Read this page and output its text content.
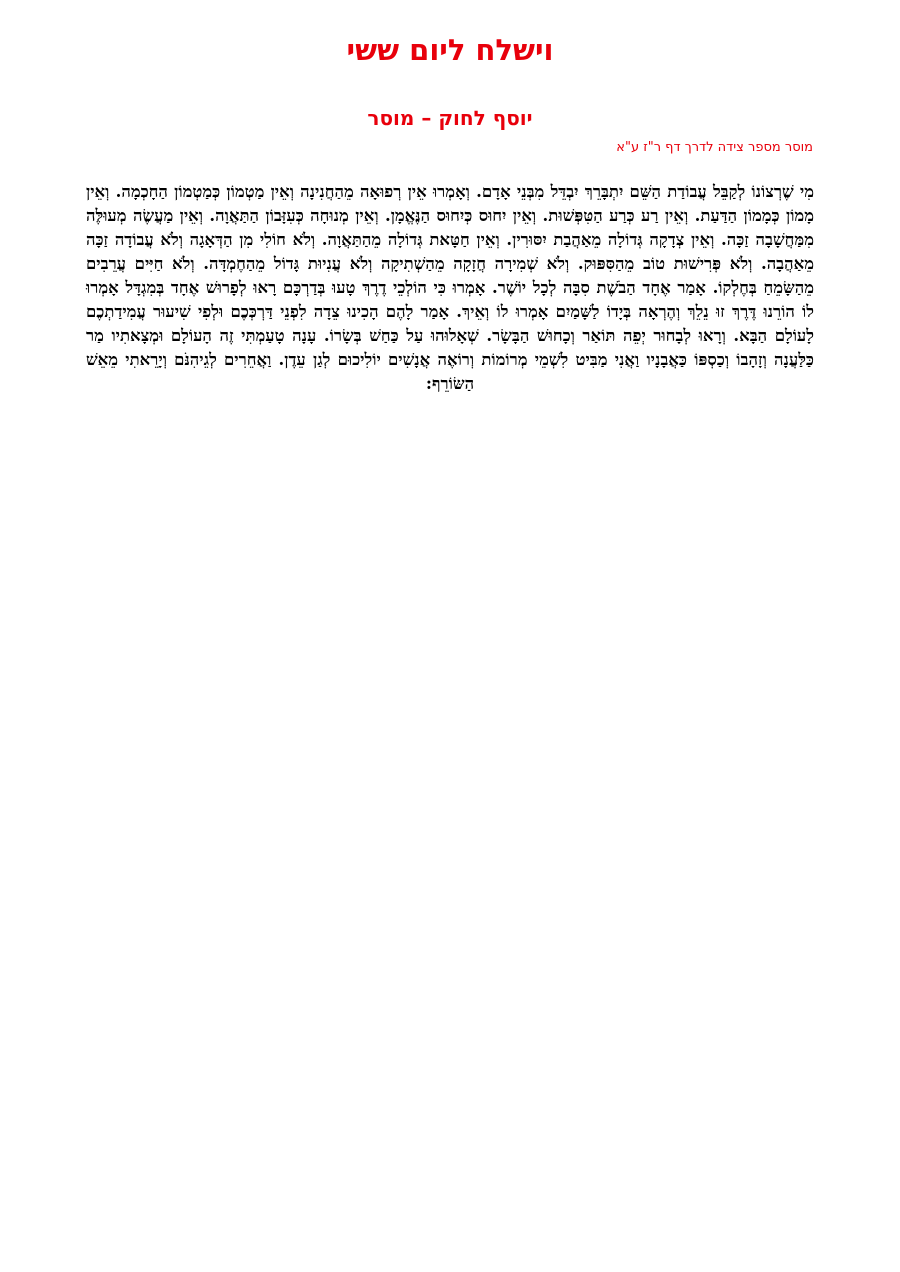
וישלח ליום ששי
יוסף לחוק – מוסר
מוסר מספר צידה לדרך דף ר"ז ע"א

מִי שֶׁרְצוֹנוֹ לְקַבֵּל עֲבוֹדַת הַשֵּׁם יִתְבָּרֵךְ יִבְדֵּל מִבְּנֵי אָדָם. וְאָמְרוּ אֵין רְפוּאָה מֵהַחֲנִינָה וְאֵין מַטְמוֹן כְּמַטְמוֹן הַחָכְמָה. וְאֵין מָמוֹן כְּמָמוֹן הַדַּעַת. וְאֵין רַע כְּרַע הַטִּפְּשׁוּת. וְאֵין יִחוּס כְּיִחוּס הַנֶּאֱמָן. וְאֵין מְנוּחָה כְּעִזָּבוֹן הַתַּאֲוָה. וְאֵין מַעֲשֶׂה מְעוּלֶּה מִמַּחֲשָׁבָה זַכָּה. וְאֵין צְדָקָה גְּדוֹלָה מֵאַהֲבַת יִסּוּרִין. וְאֵין חַטָּאת גְּדוֹלָה מֵהַתַּאֲוָה. וְלֹא חוֹלִי מִן הַדְּאָגָה וְלֹא עֲבוֹדָה זַכָּה מֵאַהֲבָה. וְלֹא פְּרִישׁוּת טוֹב מֵהַסִּפּוּק. וְלֹא שְׁמִירָה חֲזָקָה מֵהַשְׁתִיקָה וְלֹא עֲנִיוּת גָּדוֹל מֵהַחֶמְדָּה. וְלֹא חַיִּים עֲרֵבִים מֵהַשָּׂמֵחַ בְּחֶלְקוֹ. אָמַר אֶחָד הַבֹשֶׁת סִבָּה לְכָל יוֹשֶׁר. אָמְרוּ כִּי הוֹלְכֵי דֶרֶךְ טָעוּ בְּדַרְכָּם רָאוּ לְפָרוּשׁ אֶחָד בְּמִגְדָּל אָמְרוּ לוֹ הוֹרֵנוּ דֶּרֶךְ זוּ נֵלֵךְ וְהֶרְאָה בְּיָדוֹ לַשָּׁמַיִם אָמְרוּ לוֹ וְאֵיךְ. אָמַר לָהֶם הָכִינוּ צֵדָה לִפְנֵי דַּרְכְּכֶם וּלְפִי שִׁיעוּר עֲמִידַתְכֶם לָעוֹלָם הַבָּא. וְרָאוּ לְבָחוּר יְפֵה תּוֹאַר וְכָחוּשׁ הַבָּשָׂר. שְׁאָלוּהוּ עַל כַּחַשׁ בְּשָׂרוֹ. עָנָה טָעַמְתִּי זֶה הָעוֹלָם וּמְצָאתִיו מַר כַּלַּעֲנָה וְזָהָבוֹ וְכַסְפּוֹ כַּאֲבָנָיו וַאֲנִי מַבִּיט לִשְׁמֵי מְרוֹמוֹת וְרוֹאֶה אֲנָשִׁים יוֹלִיכוּם לְגַן עֵדֶן. וַאֲחֵרִים לְגֵיהִנֹּם וְיָרֵאתִי מֵאֵשׁ הַשּׂוֹרֵף:
